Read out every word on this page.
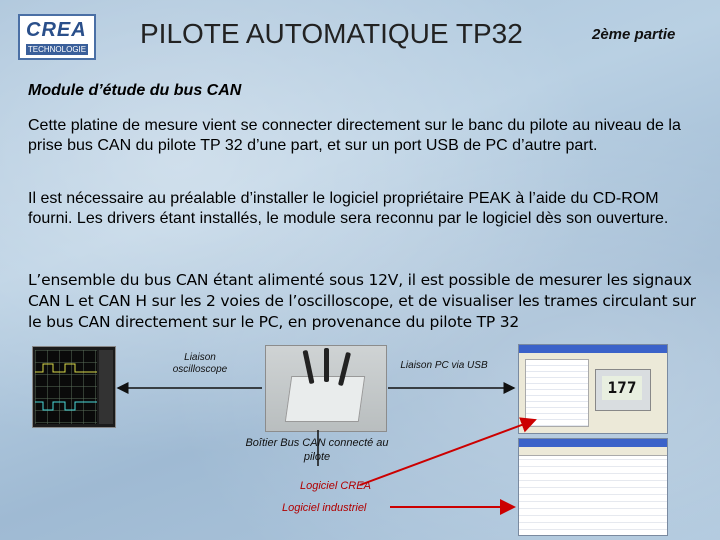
CREA
TECHNOLOGIE
PILOTE AUTOMATIQUE TP32	2ème partie
Module d’étude du bus CAN
Cette platine de mesure vient se connecter directement sur le banc du pilote au niveau de la prise bus CAN du pilote TP 32 d’une part, et sur un port USB de PC d’autre part.
Il est nécessaire au préalable d’installer le logiciel propriétaire PEAK à l’aide du CD-ROM fourni. Les drivers étant installés, le module sera reconnu par le logiciel dès son ouverture.
L’ensemble du bus CAN étant alimenté sous 12V, il est possible de mesurer les signaux CAN L et CAN H sur les 2 voies de l’oscilloscope, et de visualiser les trames circulant sur le bus CAN directement sur le PC, en provenance du pilote TP 32
177
Liaison oscilloscope	Liaison PC via USB
Boîtier Bus CAN connecté au pilote
Logiciel CREA
Logiciel industriel
